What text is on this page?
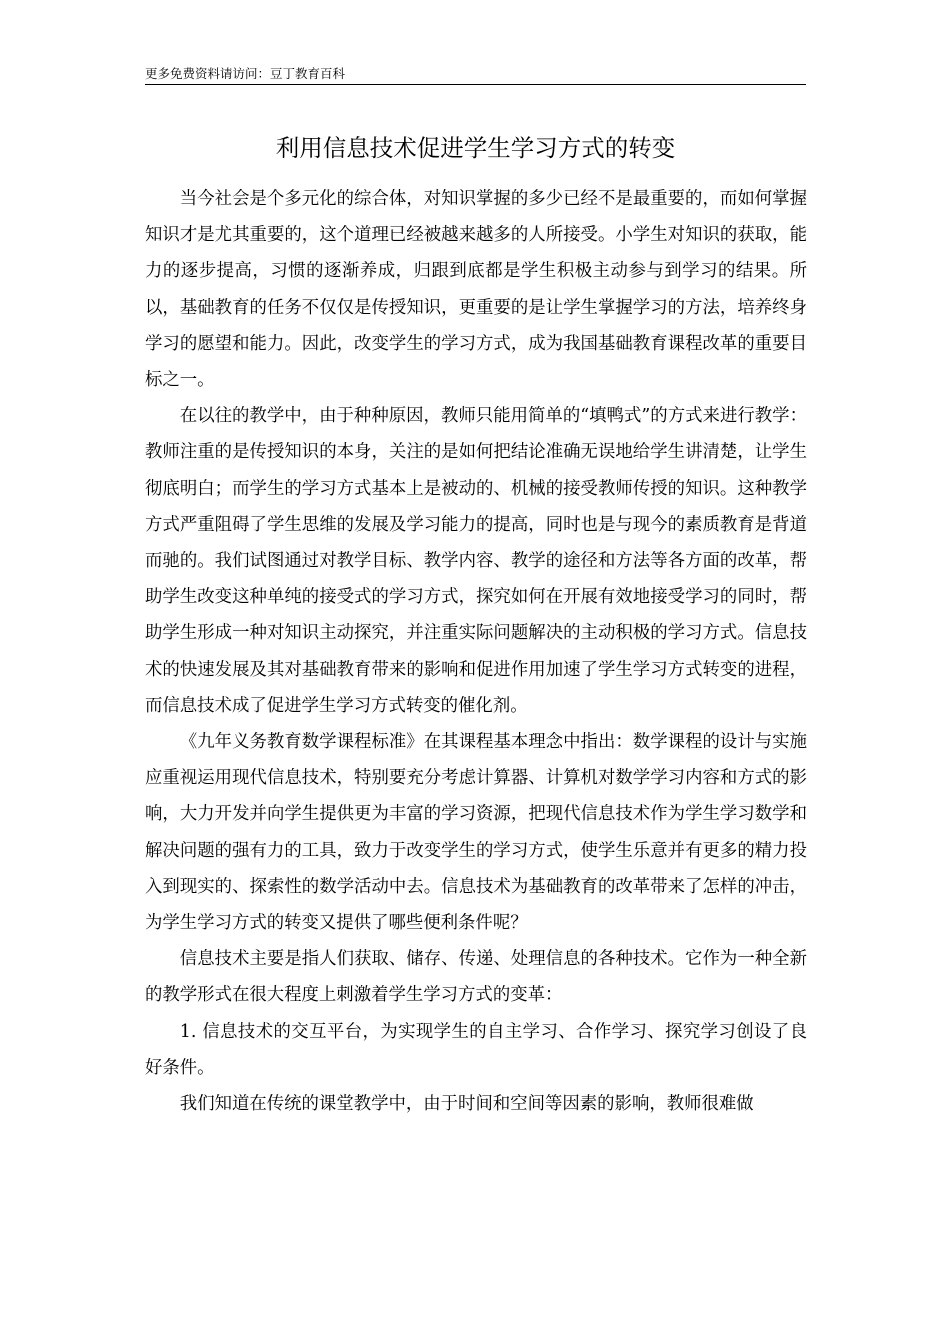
更多免费资料请访问：豆丁教育百科
利用信息技术促进学生学习方式的转变

当今社会是个多元化的综合体，对知识掌握的多少已经不是最重要的，而如何掌握知识才是尤其重要的，这个道理已经被越来越多的人所接受。小学生对知识的获取，能力的逐步提高，习惯的逐渐养成，归跟到底都是学生积极主动参与到学习的结果。所以，基础教育的任务不仅仅是传授知识，更重要的是让学生掌握学习的方法，培养终身学习的愿望和能力。因此，改变学生的学习方式，成为我国基础教育课程改革的重要目标之一。

在以往的教学中，由于种种原因，教师只能用简单的“填鸭式”的方式来进行教学：教师注重的是传授知识的本身，关注的是如何把结论准确无误地给学生讲清楚，让学生彻底明白；而学生的学习方式基本上是被动的、机械的接受教师传授的知识。这种教学方式严重阻碍了学生思维的发展及学习能力的提高，同时也是与现今的素质教育是背道而驰的。我们试图通过对教学目标、教学内容、教学的途径和方法等各方面的改革，帮助学生改变这种单纯的接受式的学习方式，探究如何在开展有效地接受学习的同时，帮助学生形成一种对知识主动探究，并注重实际问题解决的主动积极的学习方式。信息技术的快速发展及其对基础教育带来的影响和促进作用加速了学生学习方式转变的进程，而信息技术成了促进学生学习方式转变的催化剂。

《九年义务教育数学课程标准》在其课程基本理念中指出：数学课程的设计与实施应重视运用现代信息技术，特别要充分考虑计算器、计算机对数学学习内容和方式的影响，大力开发并向学生提供更为丰富的学习资源，把现代信息技术作为学生学习数学和解决问题的强有力的工具，致力于改变学生的学习方式，使学生乐意并有更多的精力投入到现实的、探索性的数学活动中去。信息技术为基础教育的改革带来了怎样的冲击，为学生学习方式的转变又提供了哪些便利条件呢？

信息技术主要是指人们获取、储存、传递、处理信息的各种技术。它作为一种全新的教学形式在很大程度上刺激着学生学习方式的变革：

1. 信息技术的交互平台，为实现学生的自主学习、合作学习、探究学习创设了良好条件。

我们知道在传统的课堂教学中，由于时间和空间等因素的影响，教师很难做
